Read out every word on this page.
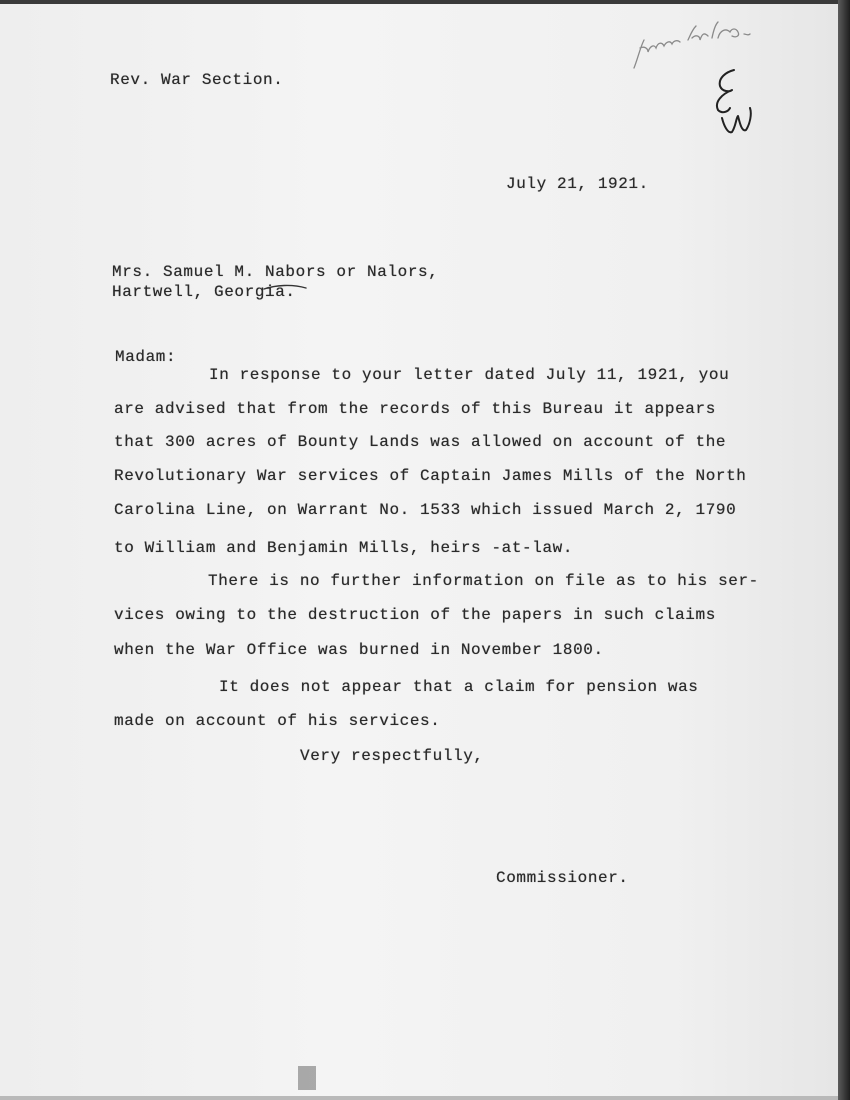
Rev. War Section.
July 21, 1921.
Mrs. Samuel M. Nabors or Nalors,
Hartwell, Georgia.
Madam:
In response to your letter dated July 11, 1921, you
are advised that from the records of this Bureau it appears
that 300 acres of Bounty Lands was allowed on account of the
Revolutionary War services of Captain James Mills of the North
Carolina Line, on Warrant No. 1533 which issued March 2, 1790
to William and Benjamin Mills, heirs -at-law.
There is no further information on file as to his ser-
vices owing to the destruction of the papers in such claims
when the War Office was burned in November 1800.
It does not appear that a claim for pension was
made on account of his services.
Very respectfully,
Commissioner.
